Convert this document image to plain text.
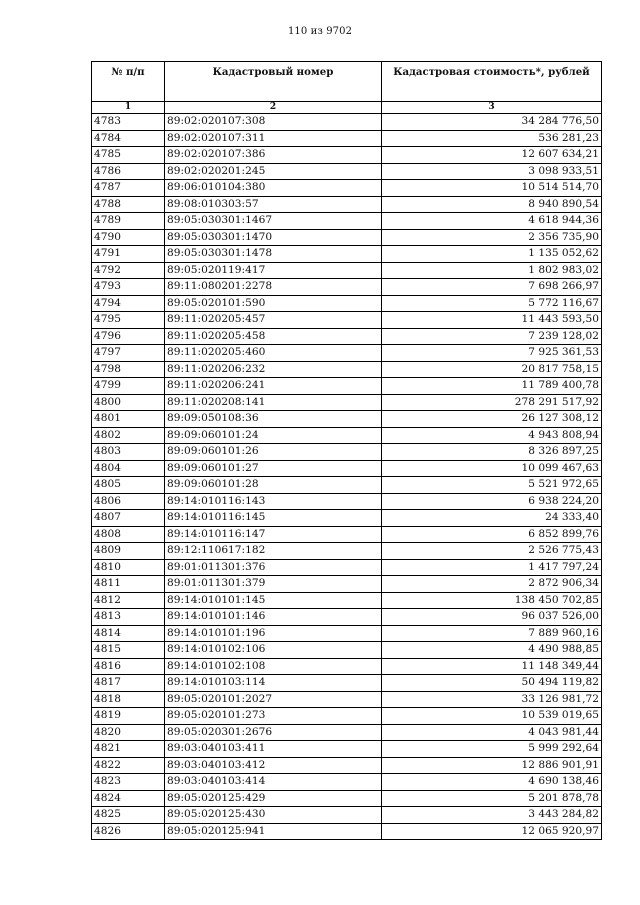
110 из 9702
№ п/п	Кадастровый номер	Кадастровая стоимость*, рублей
1	2	3
4783	89:02:020107:308	34 284 776,50
4784	89:02:020107:311	536 281,23
4785	89:02:020107:386	12 607 634,21
4786	89:02:020201:245	3 098 933,51
4787	89:06:010104:380	10 514 514,70
4788	89:08:010303:57	8 940 890,54
4789	89:05:030301:1467	4 618 944,36
4790	89:05:030301:1470	2 356 735,90
4791	89:05:030301:1478	1 135 052,62
4792	89:05:020119:417	1 802 983,02
4793	89:11:080201:2278	7 698 266,97
4794	89:05:020101:590	5 772 116,67
4795	89:11:020205:457	11 443 593,50
4796	89:11:020205:458	7 239 128,02
4797	89:11:020205:460	7 925 361,53
4798	89:11:020206:232	20 817 758,15
4799	89:11:020206:241	11 789 400,78
4800	89:11:020208:141	278 291 517,92
4801	89:09:050108:36	26 127 308,12
4802	89:09:060101:24	4 943 808,94
4803	89:09:060101:26	8 326 897,25
4804	89:09:060101:27	10 099 467,63
4805	89:09:060101:28	5 521 972,65
4806	89:14:010116:143	6 938 224,20
4807	89:14:010116:145	24 333,40
4808	89:14:010116:147	6 852 899,76
4809	89:12:110617:182	2 526 775,43
4810	89:01:011301:376	1 417 797,24
4811	89:01:011301:379	2 872 906,34
4812	89:14:010101:145	138 450 702,85
4813	89:14:010101:146	96 037 526,00
4814	89:14:010101:196	7 889 960,16
4815	89:14:010102:106	4 490 988,85
4816	89:14:010102:108	11 148 349,44
4817	89:14:010103:114	50 494 119,82
4818	89:05:020101:2027	33 126 981,72
4819	89:05:020101:273	10 539 019,65
4820	89:05:020301:2676	4 043 981,44
4821	89:03:040103:411	5 999 292,64
4822	89:03:040103:412	12 886 901,91
4823	89:03:040103:414	4 690 138,46
4824	89:05:020125:429	5 201 878,78
4825	89:05:020125:430	3 443 284,82
4826	89:05:020125:941	12 065 920,97
